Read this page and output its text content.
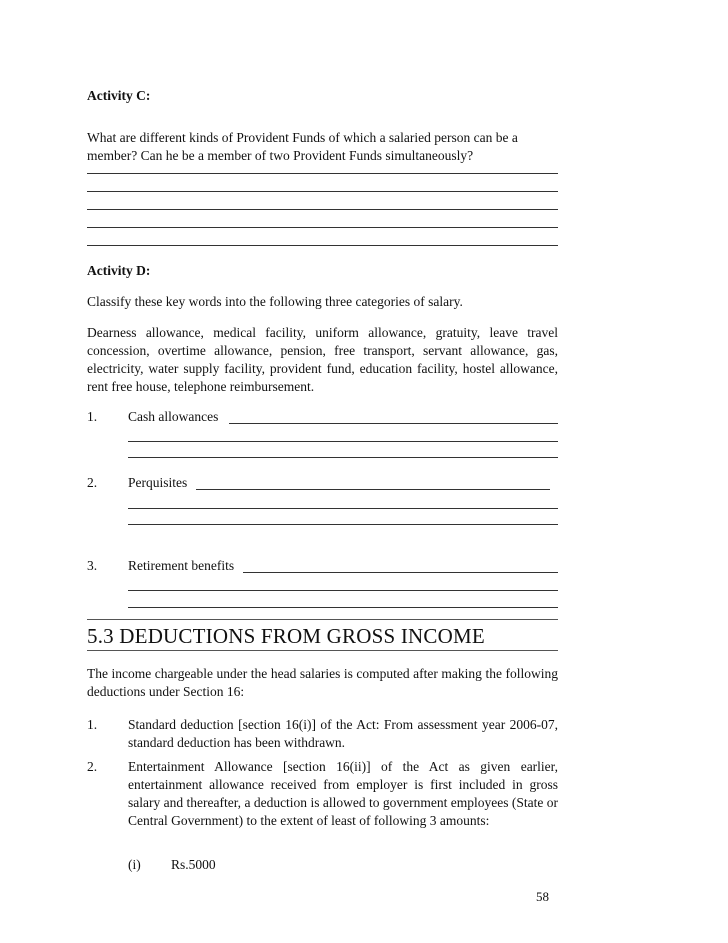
Activity C:
What are different kinds of Provident Funds of which a salaried person can be a
member? Can he be a member of two Provident Funds simultaneously?
Activity D:
Classify these key words into the following three categories of salary.
Dearness allowance, medical facility, uniform allowance, gratuity, leave travel concession, overtime allowance, pension, free transport, servant allowance, gas, electricity, water supply facility, provident fund, education facility, hostel allowance, rent free house, telephone reimbursement.
1. Cash allowances
2. Perquisites
3. Retirement benefits
5.3 DEDUCTIONS FROM GROSS INCOME
The income chargeable under the head salaries is computed after making the following deductions under Section 16:
1. Standard deduction [section 16(i)] of the Act: From assessment year 2006-07, standard deduction has been withdrawn.
2. Entertainment Allowance [section 16(ii)] of the Act as given earlier, entertainment allowance received from employer is first included in gross salary and thereafter, a deduction is allowed to government employees (State or Central Government) to the extent of least of following 3 amounts:
(i) Rs.5000
58
